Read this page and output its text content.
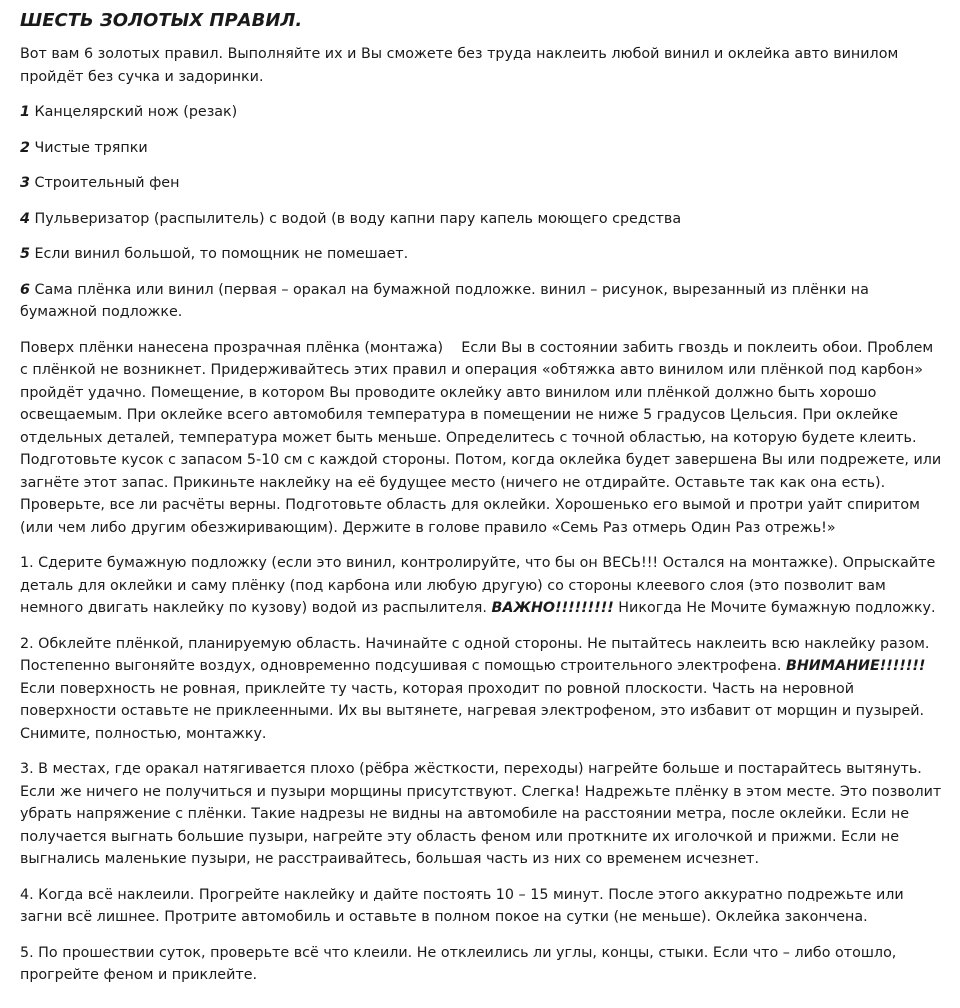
ШЕСТЬ ЗОЛОТЫХ ПРАВИЛ.

Вот вам 6 золотых правил. Выполняйте их и Вы сможете без труда наклеить любой винил и оклейка авто винилом пройдёт без сучка и задоринки.

1 Канцелярский нож (резак)

2 Чистые тряпки

3 Строительный фен

4 Пульверизатор (распылитель) с водой (в воду капни пару капель моющего средства

5 Если винил большой, то помощник не помешает.

6 Сама плёнка или винил (первая – оракал на бумажной подложке. винил – рисунок, вырезанный из плёнки на бумажной подложке.

Поверх плёнки нанесена прозрачная плёнка (монтажа)    Если Вы в состоянии забить гвоздь и поклеить обои. Проблем с плёнкой не возникнет. Придерживайтесь этих правил и операция «обтяжка авто винилом или плёнкой под карбон» пройдёт удачно. Помещение, в котором Вы проводите оклейку авто винилом или плёнкой должно быть хорошо освещаемым. При оклейке всего автомобиля температура в помещении не ниже 5 градусов Цельсия. При оклейке отдельных деталей, температура может быть меньше. Определитесь с точной областью, на которую будете клеить. Подготовьте кусок с запасом 5-10 см с каждой стороны. Потом, когда оклейка будет завершена Вы или подрежете, или загнёте этот запас. Прикиньте наклейку на её будущее место (ничего не отдирайте. Оставьте так как она есть). Проверьте, все ли расчёты верны. Подготовьте область для оклейки. Хорошенько его вымой и протри уайт спиритом (или чем либо другим обезжиривающим). Держите в голове правило «Семь Раз отмерь Один Раз отрежь!»

1. Сдерите бумажную подложку (если это винил, контролируйте, что бы он ВЕСЬ!!! Остался на монтажке). Опрыскайте деталь для оклейки и саму плёнку (под карбона или любую другую) со стороны клеевого слоя (это позволит вам немного двигать наклейку по кузову) водой из распылителя. ВАЖНО!!!!!!!!! Никогда Не Мочите бумажную подложку.

2. Обклейте плёнкой, планируемую область. Начинайте с одной стороны. Не пытайтесь наклеить всю наклейку разом. Постепенно выгоняйте воздух, одновременно подсушивая с помощью строительного электрофена. ВНИМАНИЕ!!!!!!! Если поверхность не ровная, приклейте ту часть, которая проходит по ровной плоскости. Часть на неровной поверхности оставьте не приклеенными. Их вы вытянете, нагревая электрофеном, это избавит от морщин и пузырей. Снимите, полностью, монтажку.

3. В местах, где оракал натягивается плохо (рёбра жёсткости, переходы) нагрейте больше и постарайтесь вытянуть. Если же ничего не получиться и пузыри морщины присутствуют. Слегка! Надрежьте плёнку в этом месте. Это позволит убрать напряжение с плёнки. Такие надрезы не видны на автомобиле на расстоянии метра, после оклейки. Если не получается выгнать большие пузыри, нагрейте эту область феном или проткните их иголочкой и прижми. Если не выгнались маленькие пузыри, не расстраивайтесь, большая часть из них со временем исчезнет.

4. Когда всё наклеили. Прогрейте наклейку и дайте постоять 10 – 15 минут. После этого аккуратно подрежьте или загни всё лишнее. Протрите автомобиль и оставьте в полном покое на сутки (не меньше). Оклейка закончена.

5. По прошествии суток, проверьте всё что клеили. Не отклеились ли углы, концы, стыки. Если что – либо отошло, прогрейте феном и приклейте.
